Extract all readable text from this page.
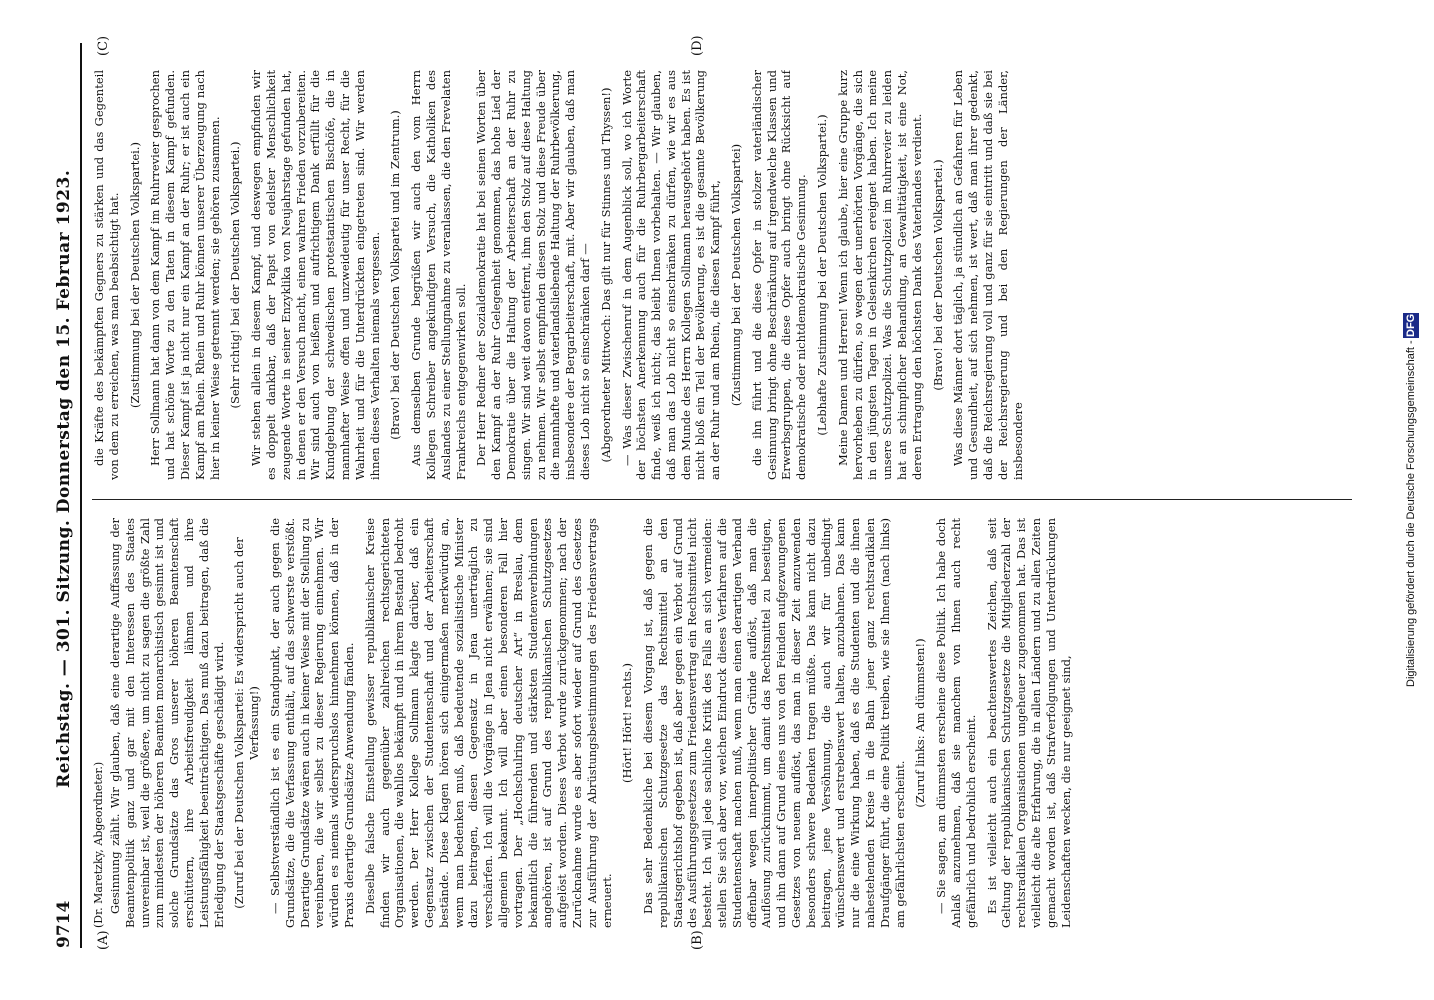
9714
Reichstag. — 301. Sitzung. Donnerstag den 15. Februar 1923.
(A)	(B)
(C)	(D)

(Dr. Maretzky, Abgeordneter.) Gesinnung zählt. Wir glauben, daß eine derartige Auffassung der Beamtenpolitik ganz und gar mit den Interessen des Staates unvereinbar ist, weil die größere, um nicht zu sagen die größte Zahl zum mindesten der höheren Beamten monarchistisch gesinnt ist und solche Grundsätze das Gros unserer höheren Beamtenschaft erschüttern, ihre Arbeitsfreudigkeit lähmen und ihre Leistungsfähigkeit beeinträchtigen. Das muß dazu beitragen, daß die Erledigung der Staatsgeschäfte geschädigt wird. (Zuruf bei der Deutschen Volkspartei: Es widerspricht auch der Verfassung!) — Selbstverständlich ist es ein Standpunkt, der auch gegen die Grundsätze, die die Verfassung enthält, auf das schwerste verstößt. Derartige Grundsätze wären auch in keiner Weise mit der Stellung zu vereinbaren, die wir selbst zu dieser Regierung einnehmen. Wir würden es niemals widerspruchslos hinnehmen können, daß in der Praxis derartige Grundsätze Anwendung fänden. Dieselbe falsche Einstellung gewisser republikanischer Kreise finden wir auch gegenüber zahlreichen rechtsgerichteten Organisationen, die wahllos bekämpft und in ihrem Bestand bedroht werden. Der Herr Kollege Sollmann klagte darüber, daß ein Gegensatz zwischen der Studentenschaft und der Arbeiterschaft bestände. Diese Klagen hören sich einigermaßen merkwürdig an, wenn man bedenken muß, daß bedeutende sozialistische Minister dazu beitragen, diesen Gegensatz in Jena unerträglich zu verschärfen. Ich will die Vorgänge in Jena nicht erwähnen; sie sind allgemein bekannt. Ich will aber einen besonderen Fall hier vortragen. Der „Hochschulring deutscher Art“ in Breslau, dem bekanntlich die führenden und stärksten Studentenverbindungen angehören, ist auf Grund des republikanischen Schutzgesetzes aufgelöst worden. Dieses Verbot wurde zurückgenommen; nach der Zurücknahme wurde es aber sofort wieder auf Grund des Gesetzes zur Ausführung der Abrüstungsbestimmungen des Friedensvertrags erneuert.

(Hört! Hört! rechts.) Das sehr Bedenkliche bei diesem Vorgang ist, daß gegen die republikanischen Schutzgesetze das Rechtsmittel an den Staatsgerichtshof gegeben ist, daß aber gegen ein Verbot auf Grund des Ausführungsgesetzes zum Friedensvertrag ein Rechtsmittel nicht besteht. Ich will jede sachliche Kritik des Falls an sich vermeiden: stellen Sie sich aber vor, welchen Eindruck dieses Verfahren auf die Studentenschaft machen muß, wenn man einen derartigen Verband offenbar wegen innerpolitischer Gründe auflöst, daß man die Auflösung zurücknimmt, um damit das Rechtsmittel zu beseitigen, und ihn dann auf Grund eines uns von den Feinden aufgezwungenen Gesetzes von neuem auflöst, das man in dieser Zeit anzuwenden besonders schwere Bedenken tragen müßte. Das kann nicht dazu beitragen, jene Versöhnung, die auch wir für unbedingt wünschenswert und erstrebenswert halten, anzubahnen. Das kann nur die eine Wirkung haben, daß es die Studenten und die ihnen nahestehenden Kreise in die Bahn jener ganz rechtsradikalen Draufgänger führt, die eine Politik treiben, wie sie Ihnen (nach links) am gefährlichsten erscheint.

(Zuruf links: Am dümmsten!) — Sie sagen, am dümmsten erscheine diese Politik. Ich habe doch Anlaß anzunehmen, daß sie manchem von Ihnen auch recht gefährlich und bedrohlich erscheint. Es ist vielleicht auch ein beachtenswertes Zeichen, daß seit Geltung der republikanischen Schutzgesetze die Mitgliederzahl der rechtsradikalen Organisationen ungeheuer zugenommen hat. Das ist vielleicht die alte Erfahrung, die in allen Ländern und zu allen Zeiten gemacht worden ist, daß Strafverfolgungen und Unterdrückungen Leidenschaften wecken, die nur geeignet sind,

die Kräfte des bekämpften Gegners zu stärken und das Gegenteil von dem zu erreichen, was man beabsichtigt hat. (Zustimmung bei der Deutschen Volkspartei.) Herr Sollmann hat dann von dem Kampf im Ruhrrevier gesprochen und hat schöne Worte zu den Taten in diesem Kampf gefunden. Dieser Kampf ist ja nicht nur ein Kampf an der Ruhr; er ist auch ein Kampf am Rhein. Rhein und Ruhr können unserer Überzeugung nach hier in keiner Weise getrennt werden; sie gehören zusammen. (Sehr richtig! bei der Deutschen Volkspartei.) Wir stehen allein in diesem Kampf, und deswegen empfinden wir es doppelt dankbar, daß der Papst von edelster Menschlichkeit zeugende Worte in seiner Enzyklika von Neujahrstage gefunden hat, in denen er den Versuch macht, einen wahren Frieden vorzubereiten. Wir sind auch von heißem und aufrichtigem Dank erfüllt für die Kundgebung der schwedischen protestantischen Bischöfe, die in mannhafter Weise offen und unzweideutig für unser Recht, für die Wahrheit und für die Unterdrückten eingetreten sind. Wir werden ihnen dieses Verhalten niemals vergessen. (Bravo! bei der Deutschen Volkspartei und im Zentrum.) Aus demselben Grunde begrüßen wir auch den vom Herrn Kollegen Schreiber angekündigten Versuch, die Katholiken des Auslandes zu einer Stellungnahme zu veranlassen, die den Frevelaten Frankreichs entgegenwirken soll. Der Herr Redner der Sozialdemokratie hat bei seinen Worten über den Kampf an der Ruhr Gelegenheit genommen, das hohe Lied der Demokratie über die Haltung der Arbeiterschaft an der Ruhr zu singen. Wir sind weit davon entfernt, ihm den Stolz auf diese Haltung zu nehmen. Wir selbst empfinden diesen Stolz und diese Freude über die mannhafte und vaterlandsliebende Haltung der Ruhrbevölkerung, insbesondere der Bergarbeiterschaft, mit. Aber wir glauben, daß man dieses Lob nicht so einschränken darf — (Abgeordneter Mittwoch: Das gilt nur für Stinnes und Thyssen!) — Was dieser Zwischenruf in dem Augenblick soll, wo ich Worte der höchsten Anerkennung auch für die Ruhrbergarbeiterschaft finde, weiß ich nicht; das bleibt Ihnen vorbehalten. — Wir glauben, daß man das Lob nicht so einschränken zu dürfen, wie wir es aus dem Munde des Herrn Kollegen Sollmann herausgehört haben. Es ist nicht bloß ein Teil der Bevölkerung, es ist die gesamte Bevölkerung an der Ruhr und am Rhein, die diesen Kampf führt, (Zustimmung bei der Deutschen Volkspartei) die ihn führt und die diese Opfer in stolzer vaterländischer Gesinnung bringt ohne Beschränkung auf irgendwelche Klassen und Erwerbsgruppen, die diese Opfer auch bringt ohne Rücksicht auf demokratische oder nichtdemokratische Gesinnung. (Lebhafte Zustimmung bei der Deutschen Volkspartei.) Meine Damen und Herren! Wenn ich glaube, hier eine Gruppe kurz hervorheben zu dürfen, so wegen der unerhörten Vorgänge, die sich in den jüngsten Tagen in Gelsenkirchen ereignet haben. Ich meine unsere Schutzpolizei. Was die Schutzpolizei im Ruhrrevier zu leiden hat an schimpflicher Behandlung, an Gewalttätigkeit, ist eine Not, deren Ertragung den höchsten Dank des Vaterlandes verdient. (Bravo! bei der Deutschen Volkspartei.) Was diese Männer dort täglich, ja stündlich an Gefahren für Leben und Gesundheit, auf sich nehmen, ist wert, daß man ihrer gedenkt, daß die Reichsregierung voll und ganz für sie eintritt und daß sie bei der Reichsregierung und bei den Regierungen der Länder, insbesondere	Digitalisierung gefördert durch die Deutsche Forschungsgemeinschaft - DFG
